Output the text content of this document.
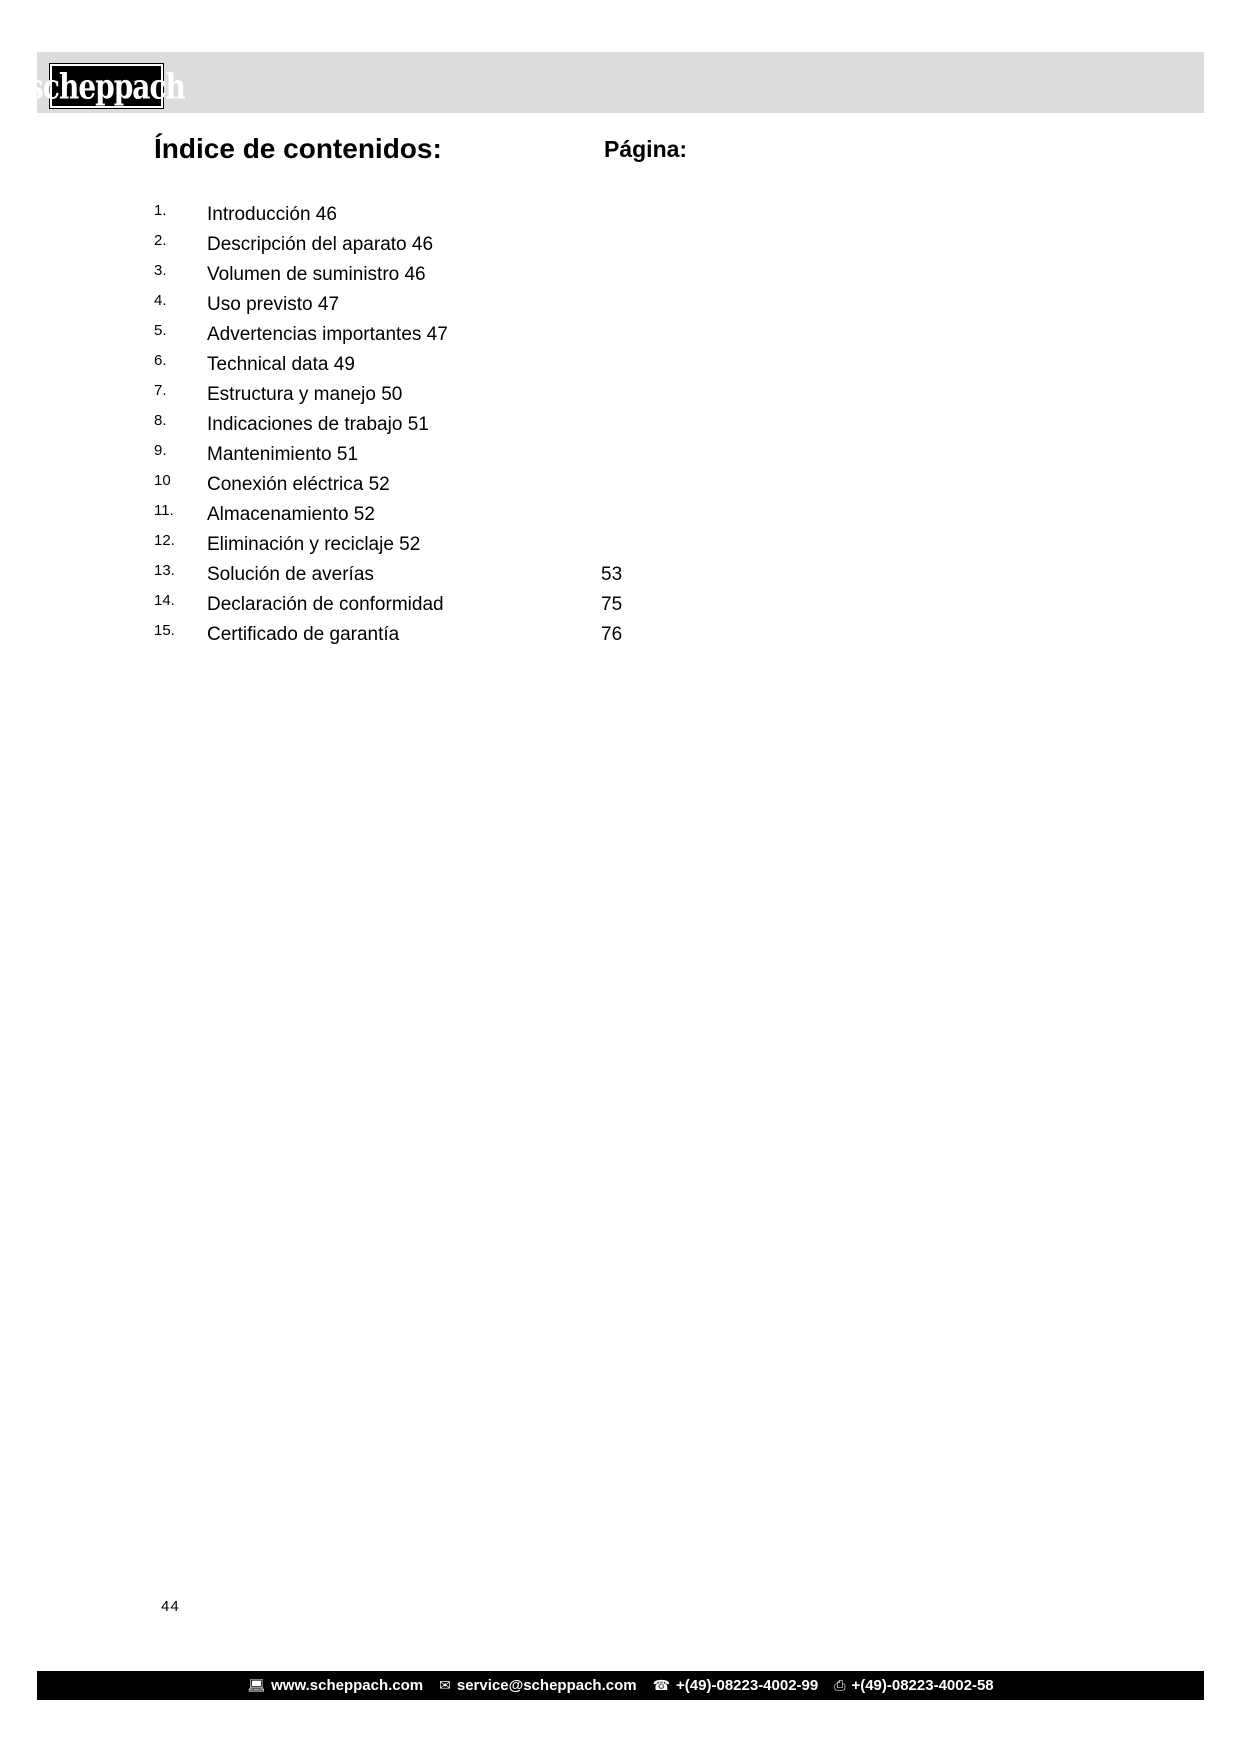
scheppach
Índice de contenidos:	Página:
1. Introducción 46
2. Descripción del aparato 46
3. Volumen de suministro 46
4. Uso previsto 47
5. Advertencias importantes 47
6. Technical data 49
7. Estructura y manejo 50
8. Indicaciones de trabajo 51
9. Mantenimiento 51
10 Conexión eléctrica 52
11. Almacenamiento 52
12. Eliminación y reciclaje 52
13. Solución de averías	53
14. Declaración de conformidad	75
15. Certificado de garantía	76
44
💻︎ www.scheppach.com ✉︎ service@scheppach.com ☎︎ +(49)-08223-4002-99 ⎙ +(49)-08223-4002-58
